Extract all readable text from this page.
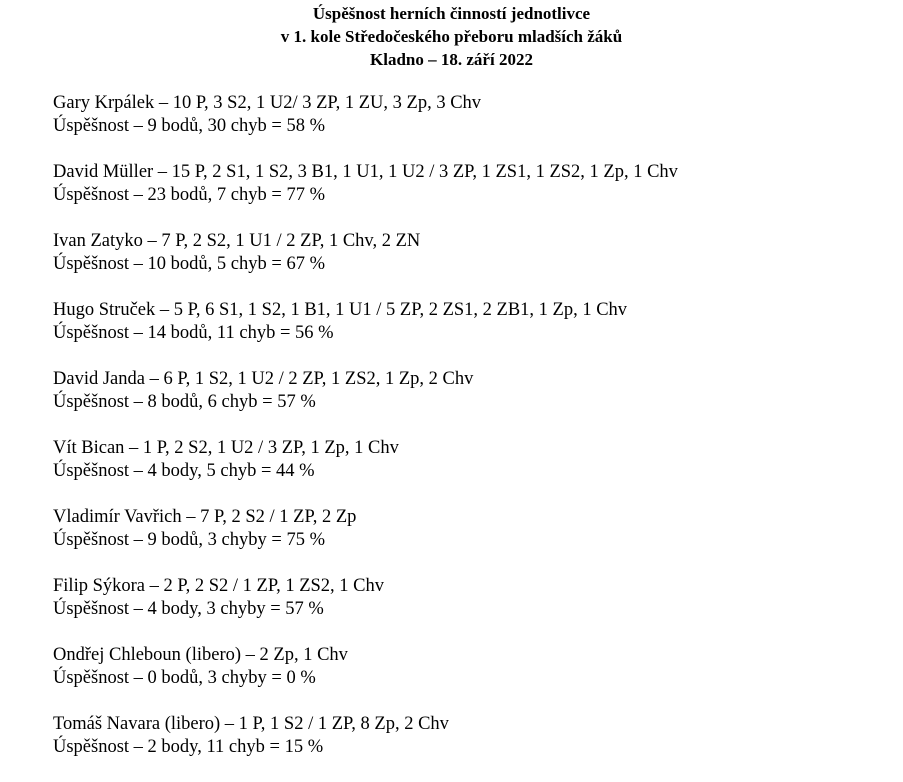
Úspěšnost herních činností jednotlivce
v 1. kole Středočeského přeboru mladších žáků
Kladno – 18. září 2022
Gary Krpálek – 10 P, 3 S2, 1 U2/ 3 ZP, 1 ZU, 3 Zp, 3 Chv
Úspěšnost – 9 bodů, 30 chyb = 58 %
David Müller – 15 P, 2 S1, 1 S2, 3 B1, 1 U1, 1 U2 / 3 ZP, 1 ZS1, 1 ZS2, 1 Zp, 1 Chv
Úspěšnost – 23 bodů, 7 chyb = 77 %
Ivan Zatyko – 7 P, 2 S2, 1 U1 / 2 ZP, 1 Chv, 2 ZN
Úspěšnost – 10 bodů, 5 chyb = 67 %
Hugo Struček – 5 P, 6 S1, 1 S2, 1 B1, 1 U1 / 5 ZP, 2 ZS1, 2 ZB1, 1 Zp, 1 Chv
Úspěšnost – 14 bodů, 11 chyb = 56 %
David Janda – 6 P, 1 S2, 1 U2 / 2 ZP, 1 ZS2, 1 Zp, 2 Chv
Úspěšnost – 8 bodů, 6 chyb = 57 %
Vít Bican – 1 P, 2 S2, 1 U2 / 3 ZP, 1 Zp, 1 Chv
Úspěšnost – 4 body, 5 chyb = 44 %
Vladimír Vavřich – 7 P, 2 S2 / 1 ZP, 2 Zp
Úspěšnost – 9 bodů, 3 chyby = 75 %
Filip Sýkora – 2 P, 2 S2 / 1 ZP, 1 ZS2, 1 Chv
Úspěšnost – 4 body, 3 chyby = 57 %
Ondřej Chleboun (libero) – 2 Zp, 1 Chv
Úspěšnost – 0 bodů, 3 chyby = 0 %
Tomáš Navara (libero) – 1 P, 1 S2 / 1 ZP, 8 Zp, 2 Chv
Úspěšnost – 2 body, 11 chyb = 15 %
